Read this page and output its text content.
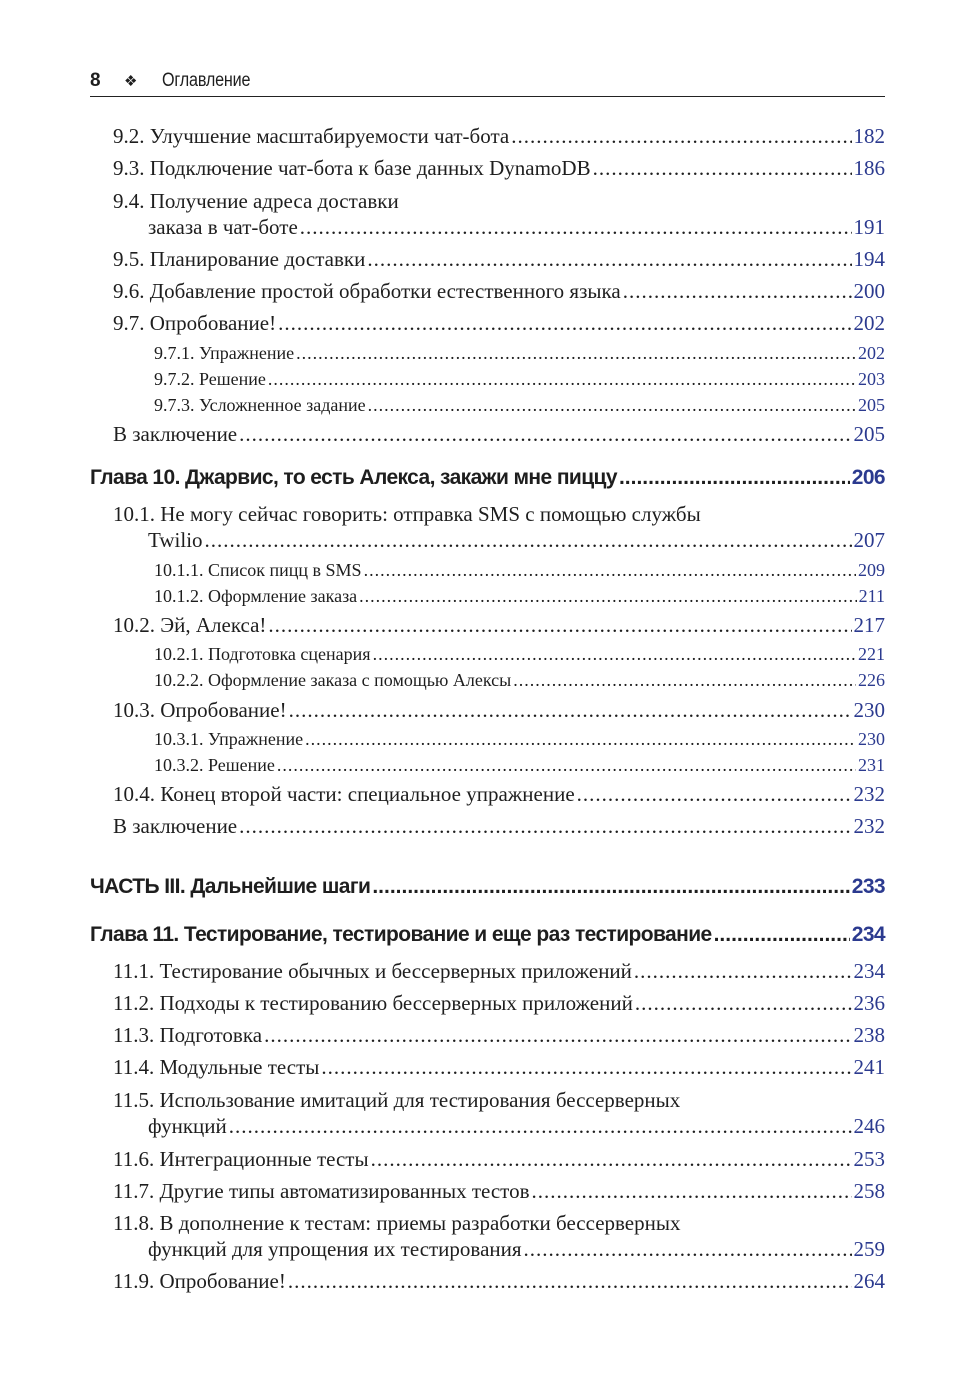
8	❖	Оглавление
9.2. Улучшение масштабируемости чат-бота .....	182
9.3. Подключение чат-бота к базе данных DynamoDB .....	186
9.4. Получение адреса доставки
заказа в чат-боте .....	191
9.5. Планирование доставки .....	194
9.6. Добавление простой обработки естественного языка .....	200
9.7. Опробование! .....	202
9.7.1. Упражнение .....	202
9.7.2. Решение .....	203
9.7.3. Усложненное задание .....	205
В заключение .....	205
Глава 10. Джарвис, то есть Алекса, закажи мне пиццу .....	206
10.1. Не могу сейчас говорить: отправка SMS с помощью службы
Twilio .....	207
10.1.1. Список пицц в SMS .....	209
10.1.2. Оформление заказа .....	211
10.2. Эй, Алекса! .....	217
10.2.1. Подготовка сценария .....	221
10.2.2. Оформление заказа с помощью Алексы .....	226
10.3. Опробование! .....	230
10.3.1. Упражнение .....	230
10.3.2. Решение .....	231
10.4. Конец второй части: специальное упражнение .....	232
В заключение .....	232
ЧАСТЬ III. Дальнейшие шаги .....	233
Глава 11. Тестирование, тестирование и еще раз тестирование .....	234
11.1. Тестирование обычных и бессерверных приложений .....	234
11.2. Подходы к тестированию бессерверных приложений .....	236
11.3. Подготовка .....	238
11.4. Модульные тесты .....	241
11.5. Использование имитаций для тестирования бессерверных
функций .....	246
11.6. Интеграционные тесты .....	253
11.7. Другие типы автоматизированных тестов .....	258
11.8. В дополнение к тестам: приемы разработки бессерверных
функций для упрощения их тестирования .....	259
11.9. Опробование! .....	264
